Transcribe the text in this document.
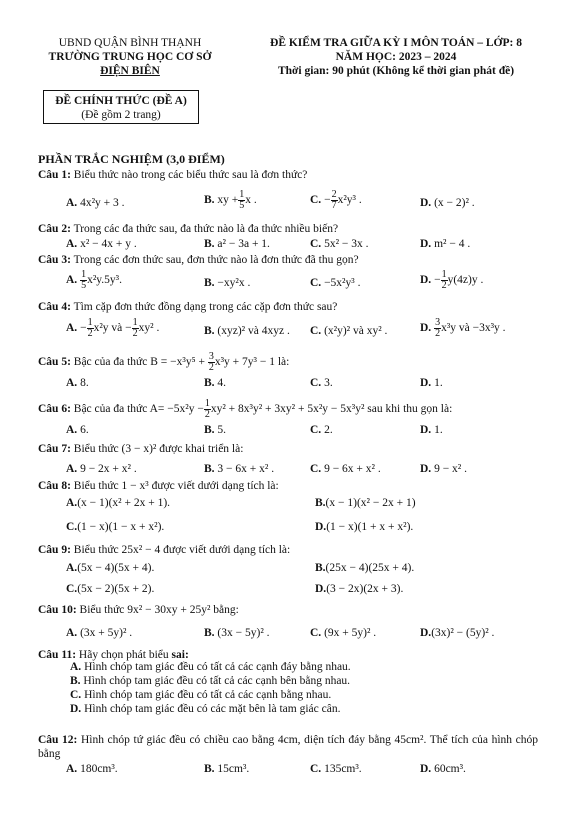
UBND QUẬN BÌNH THẠNH
TRƯỜNG TRUNG HỌC CƠ SỞ
ĐIỆN BIÊN
ĐỀ KIỂM TRA GIỮA KỲ I MÔN TOÁN – LỚP: 8
NĂM HỌC: 2023 – 2024
Thời gian: 90 phút (Không kể thời gian phát đề)
ĐỀ CHÍNH THỨC (ĐỀ A)
(Đề gồm 2 trang)
PHẦN TRẮC NGHIỆM (3,0 ĐIỂM)
Câu 1: Biểu thức nào trong các biểu thức sau là đơn thức?
A. 4x²y + 3 .	B. xy + $\frac{1}{5}$ x .	C. − $\frac{2}{7} x^2y^3$ .	D. (x − 2)² .
Câu 2: Trong các đa thức sau, đa thức nào là đa thức nhiều biến?
A. x² − 4x + y .	B. a² − 3a + 1.	C. 5x² − 3x .	D. m² − 4 .
Câu 3: Trong các đơn thức sau, đơn thức nào là đơn thức đã thu gọn?
A. $\frac{1}{5} x^2y.5y^3$.	B. −xy²x .	C. −5x²y³ .	D. − $\frac{1}{2} y(4z)y$ .
Câu 4: Tìm cặp đơn thức đồng dạng trong các cặp đơn thức sau?
A. − $\frac{1}{2} x^2y$ và − $\frac{1}{2} xy^2$ .	B. (xyz)² và 4xyz . C. (x²y)² và xy² .	D. $\frac{3}{2} x^3y$ và −3x³y .
Câu 5: Bậc của đa thức $B = -x^3y^5 + \frac{3}{2} x^3y + 7y^3 - 1$ là:
A. 8.	B. 4.	C. 3.	D. 1.
Câu 6: Bậc của đa thức $A= -5x^2y - \frac{1}{2} xy^2 + 8x^3y^2 + 3xy^2 + 5x^2y - 5x^3y^2$ sau khi thu gọn là:
A. 6.	B. 5.	C. 2.	D. 1.
Câu 7: Biểu thức (3 − x)² được khai triển là:
A. 9 − 2x + x² .	B. 3 − 6x + x² .	C. 9 − 6x + x² .	D. 9 − x² .
Câu 8: Biểu thức 1 − x³ được viết dưới dạng tích là:
A.(x − 1)(x² + 2x + 1).	B.(x − 1)(x² − 2x + 1)
C.(1 − x)(1 − x + x²).	D.(1 − x)(1 + x + x²).
Câu 9: Biểu thức 25x² − 4 được viết dưới dạng tích là:
A.(5x − 4)(5x + 4).	B.(25x − 4)(25x + 4).
C.(5x − 2)(5x + 2).	D.(3 − 2x)(2x + 3).
Câu 10: Biểu thức 9x² − 30xy + 25y² bằng:
A. (3x + 5y)² .	B. (3x − 5y)² .	C. (9x + 5y)² .	D.(3x)² − (5y)² .
Câu 11: Hãy chọn phát biểu sai:
A. Hình chóp tam giác đều có tất cả các cạnh đáy bằng nhau.
B. Hình chóp tam giác đều có tất cả các cạnh bên bằng nhau.
C. Hình chóp tam giác đều có tất cả các cạnh bằng nhau.
D. Hình chóp tam giác đều có các mặt bên là tam giác cân.
Câu 12: Hình chóp tứ giác đều có chiều cao bằng 4cm, diện tích đáy bằng 45cm². Thể tích của hình chóp bằng
A. 180cm³.	B. 15cm³.	C. 135cm³.	D. 60cm³.
